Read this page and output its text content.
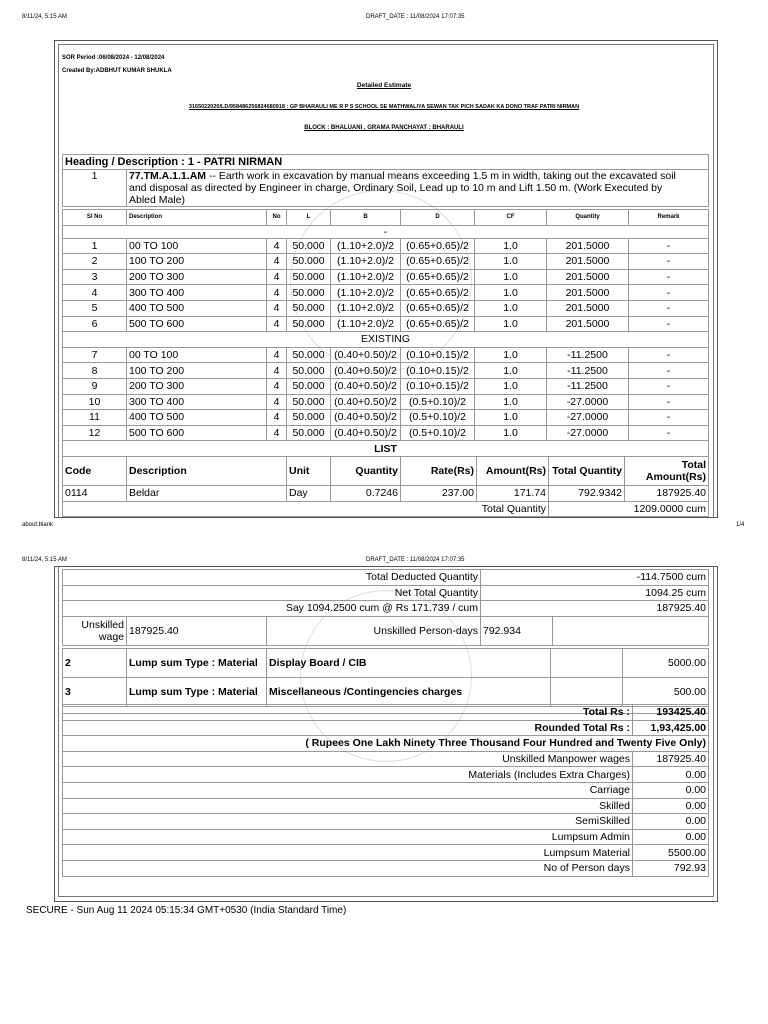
8/11/24, 5:15 AM	DRAFT_DATE : 11/08/2024 17:07:35
SOR Period :06/08/2024 - 12/08/2024
Created By:ADBHUT KUMAR SHUKLA
Detailed Estimate
3165022020/LD/958486256824680918 : GP BHARAULI ME R P S SCHOOL SE MATHWALIYA SEWAN TAK PICH SADAK KA DONO TRAF PATRI NIRMAN
BLOCK : BHALUANI , GRAMA PANCHAYAT : BHARAULI
Heading / Description : 1 - PATRI NIRMAN
1	77.TM.A.1.1.AM -- Earth work in excavation by manual means exceeding 1.5 m in width, taking out the excavated soil
and disposal as directed by Engineer in charge, Ordinary Soil, Lead up to 10 m and Lift 1.50 m. (Work Executed by
Abled Male)
Sl No	Description	No	L	B	D	CF	Quantity	Remark
-								
1	00 TO 100	4	50.000	(1.10+2.0)/2	(0.65+0.65)/2	1.0	201.5000	-
2	100 TO 200	4	50.000	(1.10+2.0)/2	(0.65+0.65)/2	1.0	201.5000	-
3	200 TO 300	4	50.000	(1.10+2.0)/2	(0.65+0.65)/2	1.0	201.5000	-
4	300 TO 400	4	50.000	(1.10+2.0)/2	(0.65+0.65)/2	1.0	201.5000	-
5	400 TO 500	4	50.000	(1.10+2.0)/2	(0.65+0.65)/2	1.0	201.5000	-
6	500 TO 600	4	50.000	(1.10+2.0)/2	(0.65+0.65)/2	1.0	201.5000	-
EXISTING								
7	00 TO 100	4	50.000	(0.40+0.50)/2	(0.10+0.15)/2	1.0	-11.2500	-
8	100 TO 200	4	50.000	(0.40+0.50)/2	(0.10+0.15)/2	1.0	-11.2500	-
9	200 TO 300	4	50.000	(0.40+0.50)/2	(0.10+0.15)/2	1.0	-11.2500	-
10	300 TO 400	4	50.000	(0.40+0.50)/2	(0.5+0.10)/2	1.0	-27.0000	-
11	400 TO 500	4	50.000	(0.40+0.50)/2	(0.5+0.10)/2	1.0	-27.0000	-
12	500 TO 600	4	50.000	(0.40+0.50)/2	(0.5+0.10)/2	1.0	-27.0000	-
LIST								
Code	Description	Unit	Quantity	Rate(Rs)	Amount(Rs)	Total Quantity	Total Amount(Rs)
0114	Beldar	Day	0.7246	237.00	171.74	792.9342	187925.40
Total Quantity						1209.0000 cum	
about:blank	1/4
8/11/24, 5:15 AM	DRAFT_DATE : 11/08/2024 17:07:35
Total Deducted Quantity	-114.7500 cum
Net Total Quantity	1094.25 cum
Say 1094.2500 cum @ Rs 171.739 / cum	187925.40
Unskilled wage	187925.40	Unskilled Person-days	792.934	
2	Lump sum Type : Material	Display Board / CIB		5000.00
3	Lump sum Type : Material	Miscellaneous /Contingencies charges		500.00

Total Rs :	193425.40
Rounded Total Rs :	1,93,425.00
( Rupees One Lakh Ninety Three Thousand Four Hundred and Twenty Five Only)	
Unskilled Manpower wages	187925.40
Materials (Includes Extra Charges)	0.00
Carriage	0.00
Skilled	0.00
SemiSkilled	0.00
Lumpsum Admin	0.00
Lumpsum Material	5500.00
No of Person days	792.93
SECURE - Sun Aug 11 2024 05:15:34 GMT+0530 (India Standard Time)
